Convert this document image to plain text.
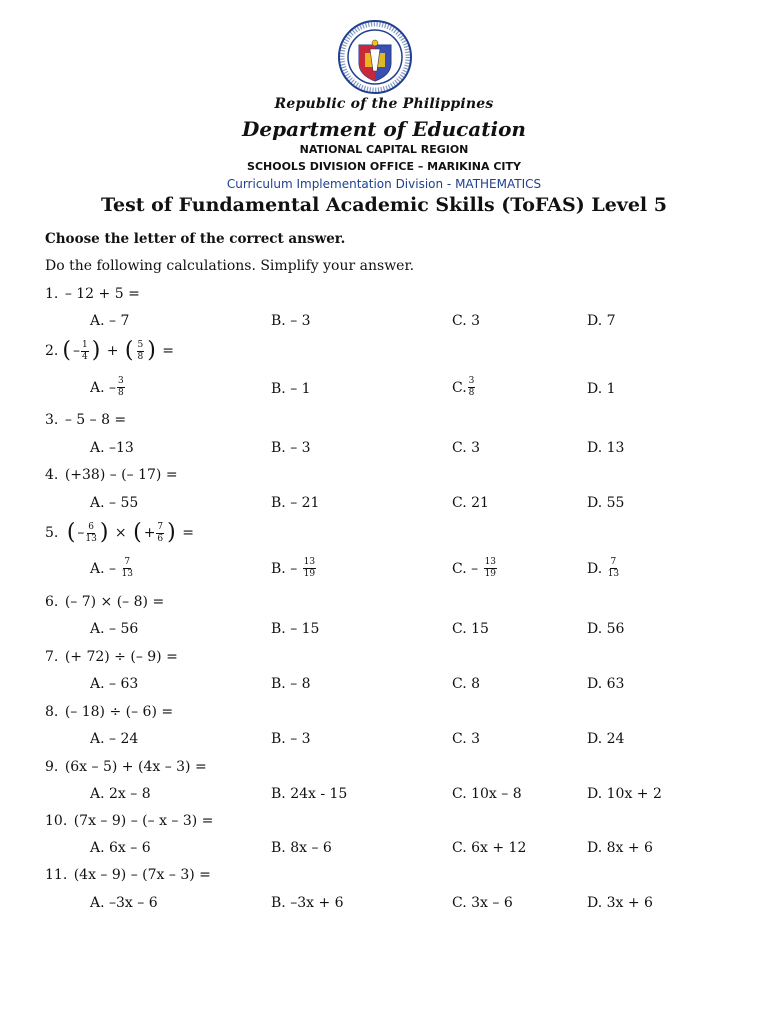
Republic of the Philippines
Department of Education
NATIONAL CAPITAL REGION
SCHOOLS DIVISION OFFICE – MARIKINA CITY
Curriculum Implementation Division - MATHEMATICS
Test of Fundamental Academic Skills (ToFAS) Level 5
Choose the letter of the correct answer.
Do the following calculations. Simplify your answer.
1.
– 12 + 5 =
A. – 7	B. – 3	C. 3	D. 7
2. ( – $\frac{1}{4}$ )
+
( $\frac{5}{8}$ )
=
A. – $\frac{3}{8}$	B. – 1	C. $\frac{3}{8}$	D. 1
3.
– 5 – 8 =
A. –13	B. – 3	C. 3	D. 13
4.
(+38) – (– 17) =
A. – 55	B. – 21	C. 21	D. 55
5.
( – $\frac{6}{13}$ )
×
( + $\frac{7}{6}$ )
=
A. –
$\frac{7}{13}$	B. –
$\frac{13}{19}$	C. –
$\frac{13}{19}$	D.
$\frac{7}{13}$
6.
(– 7) × (– 8) =
A. – 56	B. – 15	C. 15	D. 56
7.
(+ 72) ÷ (– 9) =
A. – 63	B. – 8	C. 8	D. 63
8.
(– 18) ÷ (– 6) =
A. – 24	B. – 3	C. 3	D. 24
9.
(6x – 5) + (4x – 3) =
A. 2x – 8	B. 24x - 15	C. 10x – 8	D. 10x + 2
10.
(7x – 9) – (– x – 3) =
A. 6x – 6	B. 8x – 6	C. 6x + 12	D. 8x + 6
11.
(4x – 9) – (7x – 3) =
A. –3x – 6	B. –3x + 6	C. 3x – 6	D. 3x + 6
